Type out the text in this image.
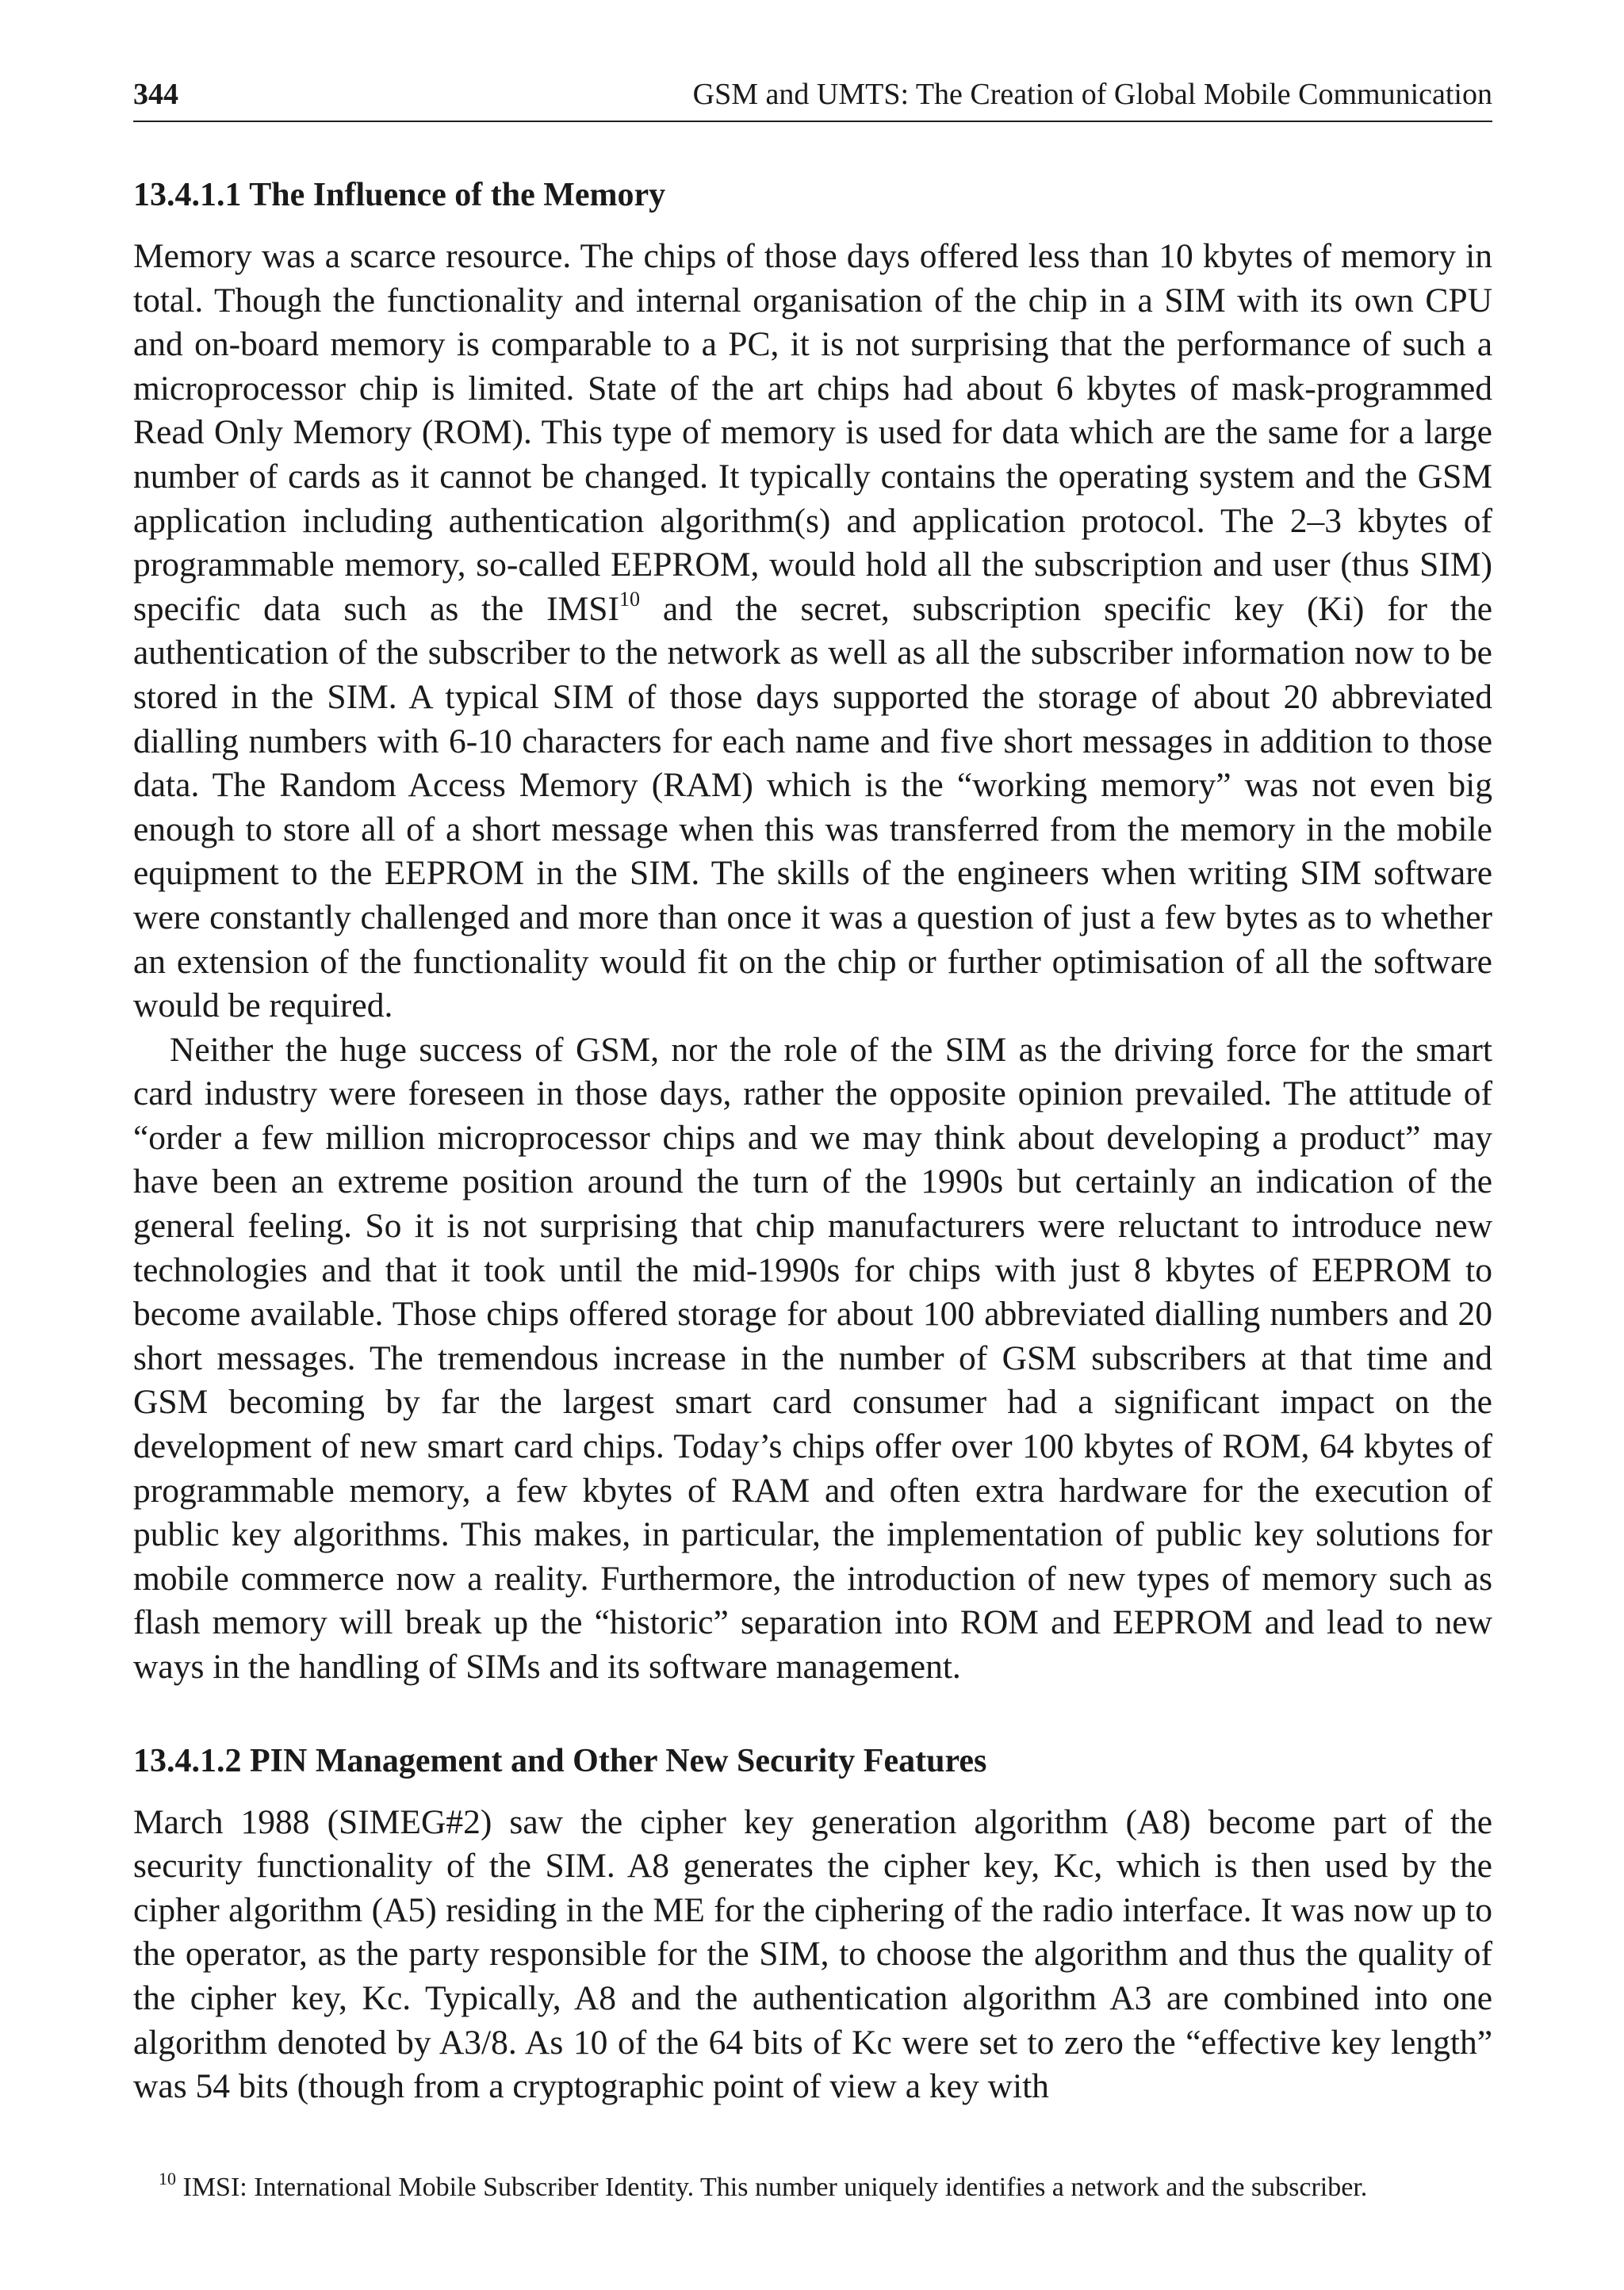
344	GSM and UMTS: The Creation of Global Mobile Communication
13.4.1.1 The Influence of the Memory

Memory was a scarce resource. The chips of those days offered less than 10 kbytes of memory in total. Though the functionality and internal organisation of the chip in a SIM with its own CPU and on-board memory is comparable to a PC, it is not surprising that the performance of such a microprocessor chip is limited. State of the art chips had about 6 kbytes of mask-programmed Read Only Memory (ROM). This type of memory is used for data which are the same for a large number of cards as it cannot be changed. It typically contains the operating system and the GSM application including authentication algorithm(s) and application protocol. The 2–3 kbytes of programmable memory, so-called EEPROM, would hold all the subscription and user (thus SIM) specific data such as the IMSI$^{10}$ and the secret, subscription specific key (Ki) for the authentication of the subscriber to the network as well as all the subscriber information now to be stored in the SIM. A typical SIM of those days supported the storage of about 20 abbreviated dialling numbers with 6-10 characters for each name and five short messages in addition to those data. The Random Access Memory (RAM) which is the “working memory” was not even big enough to store all of a short message when this was transferred from the memory in the mobile equipment to the EEPROM in the SIM. The skills of the engineers when writing SIM software were constantly challenged and more than once it was a question of just a few bytes as to whether an extension of the functionality would fit on the chip or further optimisation of all the software would be required.

Neither the huge success of GSM, nor the role of the SIM as the driving force for the smart card industry were foreseen in those days, rather the opposite opinion prevailed. The attitude of “order a few million microprocessor chips and we may think about developing a product” may have been an extreme position around the turn of the 1990s but certainly an indication of the general feeling. So it is not surprising that chip manufacturers were reluctant to introduce new technologies and that it took until the mid-1990s for chips with just 8 kbytes of EEPROM to become available. Those chips offered storage for about 100 abbreviated dialling numbers and 20 short messages. The tremendous increase in the number of GSM subscribers at that time and GSM becoming by far the largest smart card consumer had a significant impact on the development of new smart card chips. Today’s chips offer over 100 kbytes of ROM, 64 kbytes of programmable memory, a few kbytes of RAM and often extra hardware for the execution of public key algorithms. This makes, in particular, the implementation of public key solutions for mobile commerce now a reality. Furthermore, the introduction of new types of memory such as flash memory will break up the “historic” separation into ROM and EEPROM and lead to new ways in the handling of SIMs and its software management.

13.4.1.2 PIN Management and Other New Security Features

March 1988 (SIMEG#2) saw the cipher key generation algorithm (A8) become part of the security functionality of the SIM. A8 generates the cipher key, Kc, which is then used by the cipher algorithm (A5) residing in the ME for the ciphering of the radio interface. It was now up to the operator, as the party responsible for the SIM, to choose the algorithm and thus the quality of the cipher key, Kc. Typically, A8 and the authentication algorithm A3 are combined into one algorithm denoted by A3/8. As 10 of the 64 bits of Kc were set to zero the “effective key length” was 54 bits (though from a cryptographic point of view a key with

$^{10}$ IMSI: International Mobile Subscriber Identity. This number uniquely identifies a network and the subscriber.
